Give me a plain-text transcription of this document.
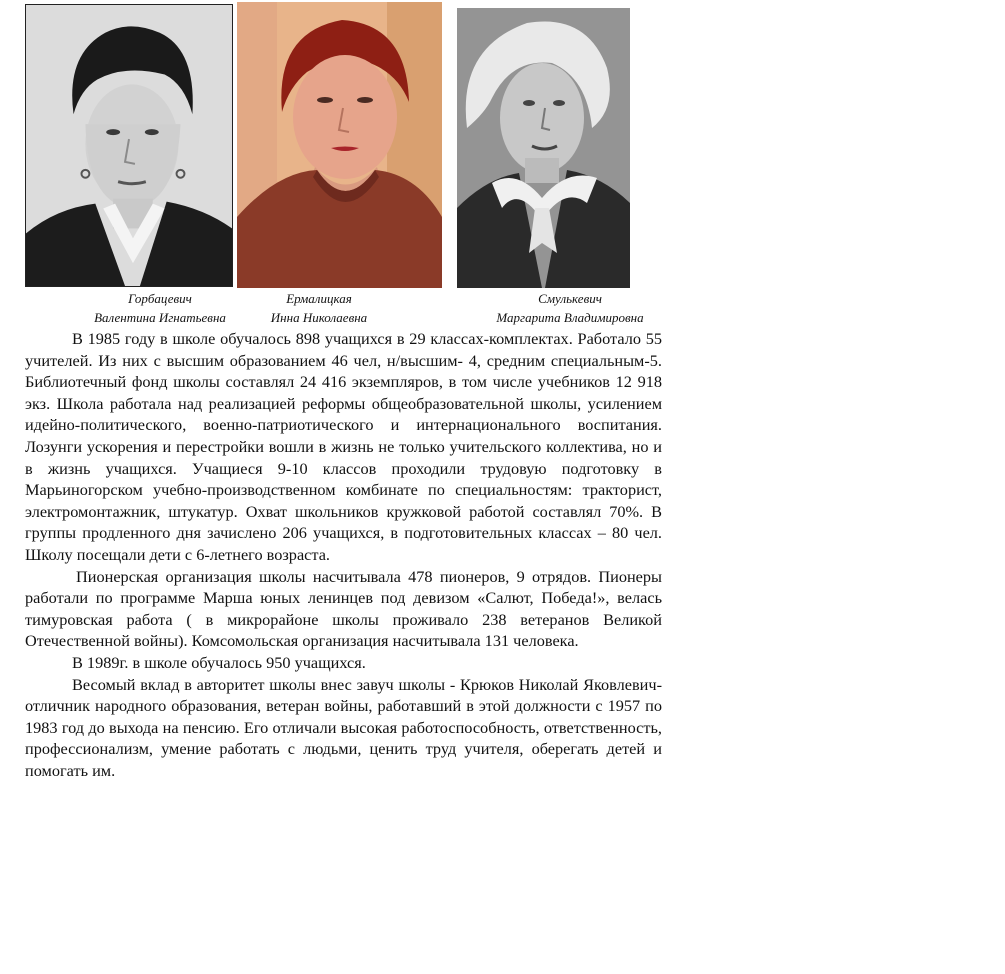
Горбацевич
Валентина Игнатьевна
Ермалицкая
Инна Николаевна
Смулькевич
Маргарита Владимировна

В 1985 году в школе обучалось 898 учащихся в 29 классах-комплектах. Работало 55 учителей. Из них с высшим образованием 46 чел, н/высшим- 4, средним специальным-5. Библиотечный фонд школы составлял 24 416 экземпляров, в том числе учебников 12 918 экз. Школа работала над реализацией реформы общеобразовательной школы, усилением идейно-политического, военно-патриотического и интернационального воспитания. Лозунги ускорения и перестройки вошли в жизнь не только учительского коллектива, но и в жизнь учащихся. Учащиеся 9-10 классов проходили трудовую подготовку в Марьиногорском учебно-производственном комбинате по специальностям: тракторист, электромонтажник, штукатур. Охват школьников кружковой работой составлял 70%. В группы продленного дня зачислено 206 учащихся, в подготовительных классах – 80 чел. Школу посещали дети с 6-летнего возраста.

Пионерская организация школы насчитывала 478 пионеров, 9 отрядов. Пионеры работали по программе Марша юных ленинцев под девизом «Салют, Победа!», велась тимуровская работа ( в микрорайоне школы проживало 238 ветеранов Великой Отечественной войны). Комсомольская организация насчитывала 131 человека.

В 1989г. в школе обучалось 950 учащихся.

Весомый вклад в авторитет школы внес завуч школы - Крюков Николай Яковлевич- отличник народного образования, ветеран войны, работавший в этой должности с 1957 по 1983 год до выхода на пенсию. Его отличали высокая работоспособность, ответственность, профессионализм, умение работать с людьми, ценить труд учителя, оберегать детей и помогать им.
